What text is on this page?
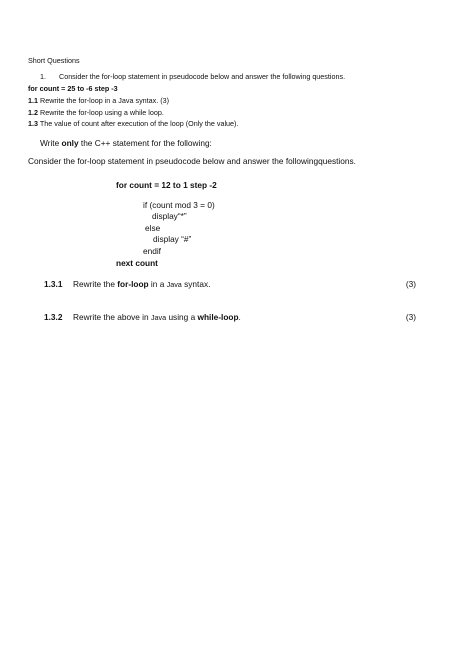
Short Questions
1. Consider the for-loop statement in pseudocode below and answer the following questions.
for count = 25 to -6 step -3
1.1 Rewrite the for-loop in a Java syntax. (3)
1.2 Rewrite the for-loop using a while loop.
1.3 The value of count after execution of the loop (Only the value).
Write only the C++ statement for the following:
Consider the for-loop statement in pseudocode below and answer the followingquestions.
for count = 12 to 1 step -2
if (count mod 3 = 0)
display“*”
else
display “#”
endif
next count
1.3.1 Rewrite the for-loop in a Java syntax.	(3)
1.3.2 Rewrite the above in Java using a while-loop.	(3)
